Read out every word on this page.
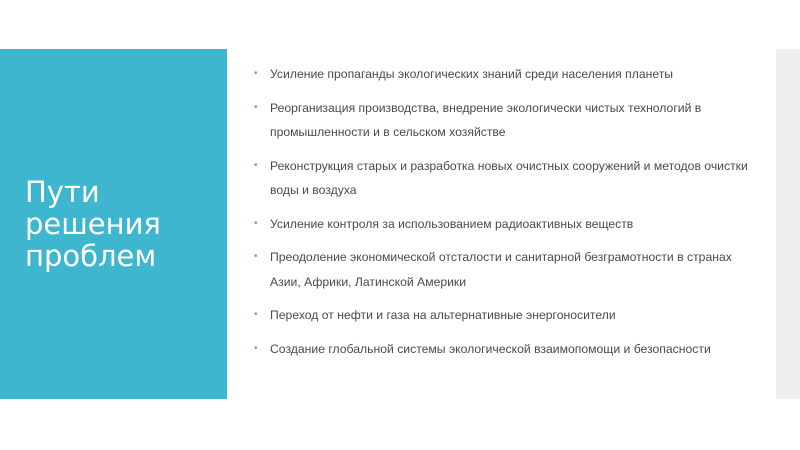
Пути
решения
проблем
• Усиление пропаганды экологических знаний среди населения планеты
• Реорганизация производства, внедрение экологически чистых технологий в промышленности и в сельском хозяйстве
• Реконструкция старых и разработка новых очистных сооружений и методов очистки воды и воздуха
• Усиление контроля за использованием радиоактивных веществ
• Преодоление экономической отсталости и санитарной безграмотности в странах Азии, Африки, Латинской Америки
• Переход от нефти и газа на альтернативные энергоносители
• Создание глобальной системы экологической взаимопомощи и безопасности
